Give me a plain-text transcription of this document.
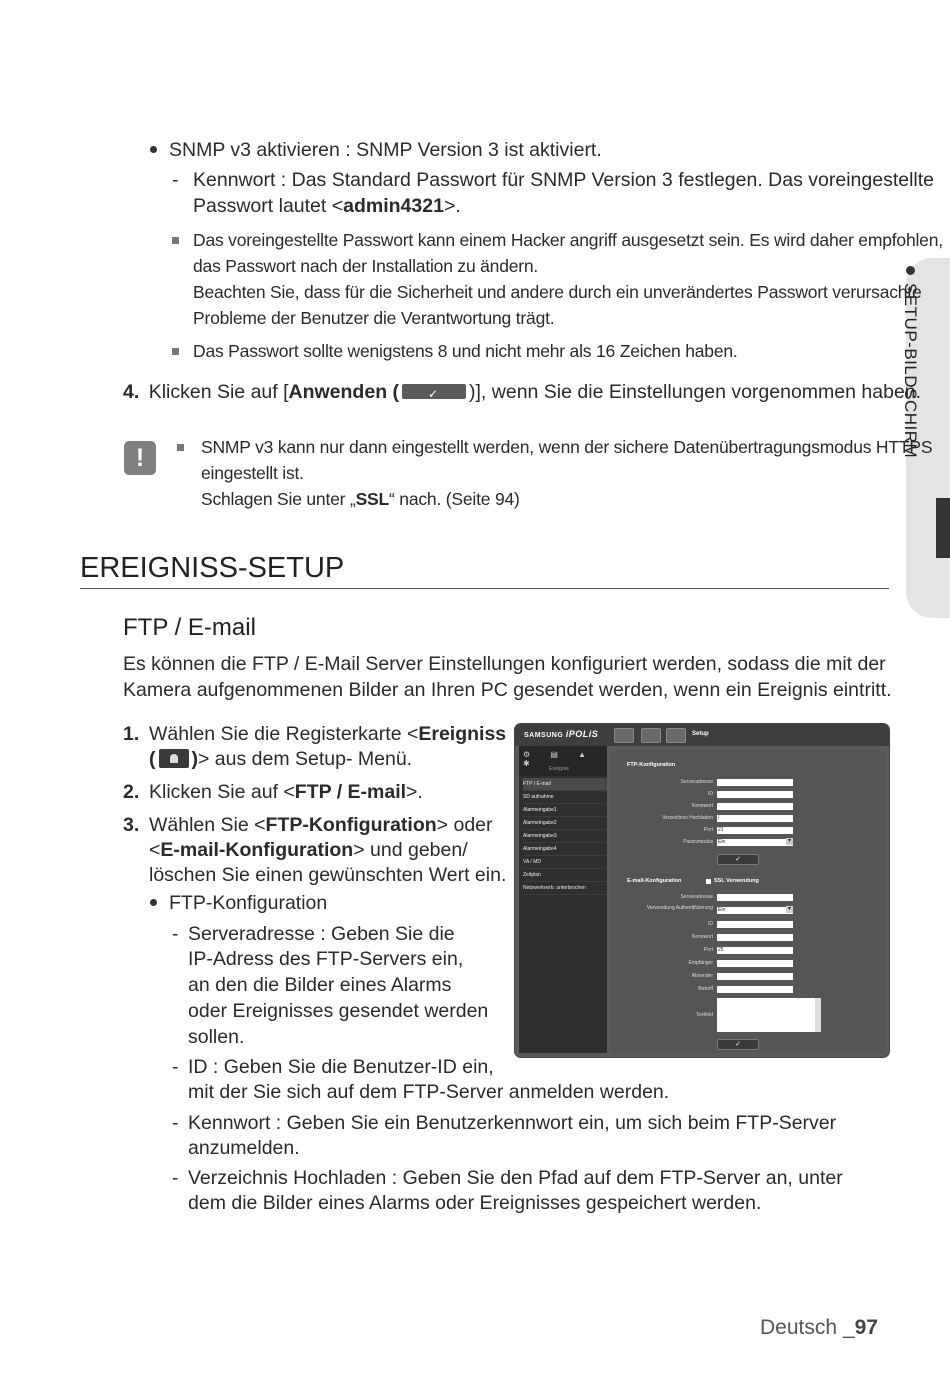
SETUP-BILDSCHIRM
SNMP v3 aktivieren : SNMP Version 3 ist aktiviert.
- Kennwort : Das Standard Passwort für SNMP Version 3 festlegen. Das voreingestellte
Passwort lautet <admin4321>.
Das voreingestellte Passwort kann einem Hacker angriff ausgesetzt sein. Es wird daher empfohlen,
das Passwort nach der Installation zu ändern.
Beachten Sie, dass für die Sicherheit und andere durch ein unverändertes Passwort verursachte
Probleme der Benutzer die Verantwortung trägt.
Das Passwort sollte wenigstens 8 und nicht mehr als 16 Zeichen haben.
4. Klicken Sie auf [Anwenden (✓	)], wenn Sie die Einstellungen vorgenommen haben.
!	SNMP v3 kann nur dann eingestellt werden, wenn der sichere Datenübertragungsmodus HTTPS
eingestellt ist.
Schlagen Sie unter „SSL“ nach. (Seite 94)
EREIGNISS-SETUP
FTP / E-mail
Es können die FTP / E-Mail Server Einstellungen konfiguriert werden, sodass die mit der
Kamera aufgenommenen Bilder an Ihren PC gesendet werden, wenn ein Ereignis eintritt.
1. Wählen Sie die Registerkarte <Ereigniss
( )> aus dem Setup- Menü.
2. Klicken Sie auf <FTP / E-mail>.
3. Wählen Sie <FTP-Konfiguration> oder
<E-mail-Konfiguration> und geben/
löschen Sie einen gewünschten Wert ein.
FTP-Konfiguration
- Serveradresse : Geben Sie die
IP-Adress des FTP-Servers ein,
an den die Bilder eines Alarms
oder Ereignisses gesendet werden
sollen.
- ID : Geben Sie die Benutzer-ID ein,
mit der Sie sich auf dem FTP-Server anmelden werden.
- Kennwort : Geben Sie ein Benutzerkennwort ein, um sich beim FTP-Server
anzumelden.
- Verzeichnis Hochladen : Geben Sie den Pfad auf dem FTP-Server an, unter
dem die Bilder eines Alarms oder Ereignisses gespeichert werden.
SAMSUNG iPOLiS	Setup
⚙ ▤ ▲ ✱
Ereignis
FTP / E-mail
SD aufnahme
Alarmeingabe1
Alarmeingabe2
Alarmeingabe3
Alarmeingabe4
VA / MD
Zeitplan
Netzwerkverb. unterbrochen
FTP-Konfiguration
Serveradresse
ID
Kennwort
Verzeichnis Hochladen /
Port 21
Passivmodus Ein ▾
✓
E-mail-Konfiguration	SSL Verwendung
Serveradresse
Verwendung Authentifizierung Ein ▾
ID
Kennwort
Port 25
Empfänger
Absender
Betreff
Textfeld
✓
Deutsch _97
